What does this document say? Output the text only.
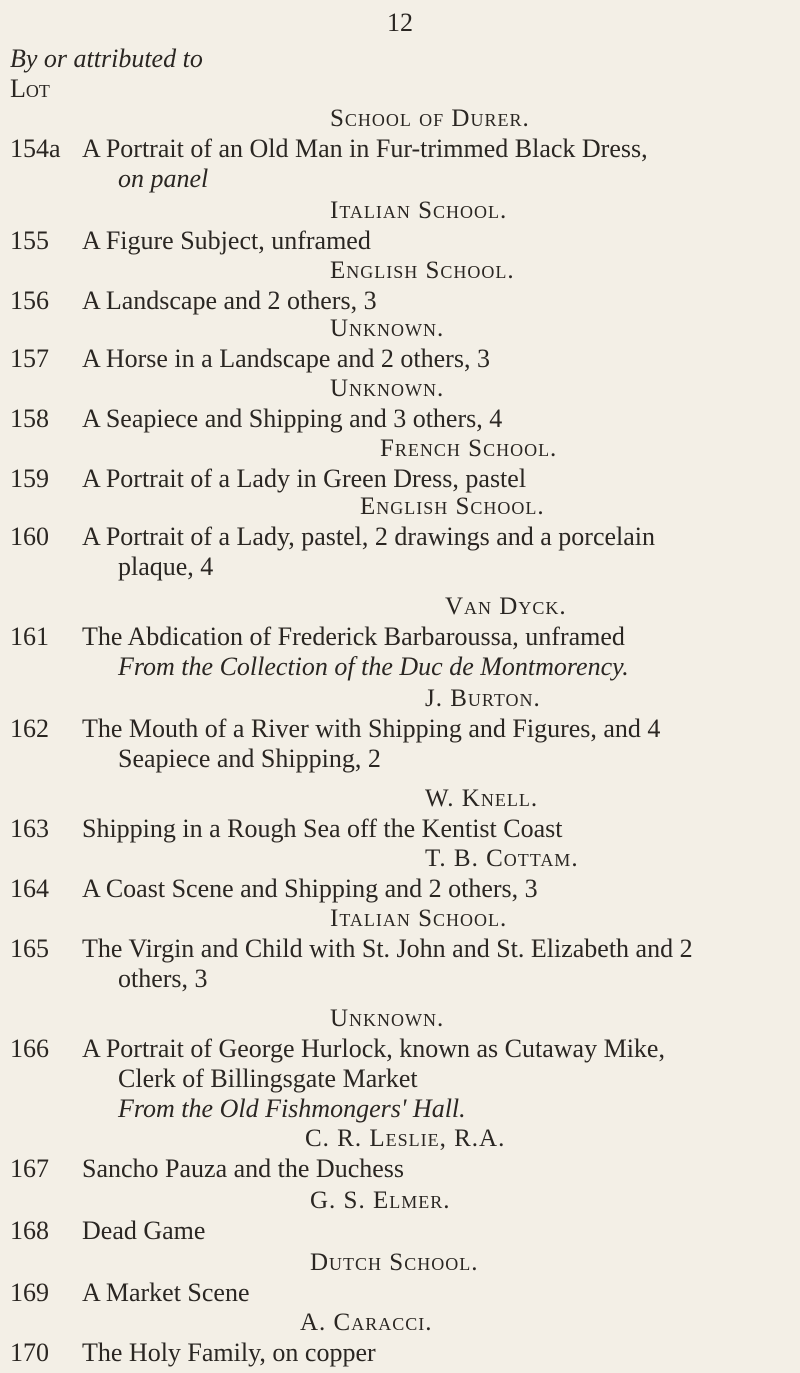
12
By or attributed to
Lot
School of Durer.
154a A Portrait of an Old Man in Fur-trimmed Black Dress,
on panel
Italian School.
155 A Figure Subject, unframed
English School.
156 A Landscape and 2 others, 3
Unknown.
157 A Horse in a Landscape and 2 others, 3
Unknown.
158 A Seapiece and Shipping and 3 others, 4
French School.
159 A Portrait of a Lady in Green Dress, pastel
English School.
160 A Portrait of a Lady, pastel, 2 drawings and a porcelain
plaque, 4
Van Dyck.
161 The Abdication of Frederick Barbaroussa, unframed
From the Collection of the Duc de Montmorency.
J. Burton.
162 The Mouth of a River with Shipping and Figures, and 4
Seapiece and Shipping, 2
W. Knell.
163 Shipping in a Rough Sea off the Kentist Coast
T. B. Cottam.
164 A Coast Scene and Shipping and 2 others, 3
Italian School.
165 The Virgin and Child with St. John and St. Elizabeth and 2
others, 3
Unknown.
166 A Portrait of George Hurlock, known as Cutaway Mike,
Clerk of Billingsgate Market
From the Old Fishmongers' Hall.
C. R. Leslie, R.A.
167 Sancho Pauza and the Duchess
G. S. Elmer.
168 Dead Game
Dutch School.
169 A Market Scene
A. Caracci.
170 The Holy Family, on copper
